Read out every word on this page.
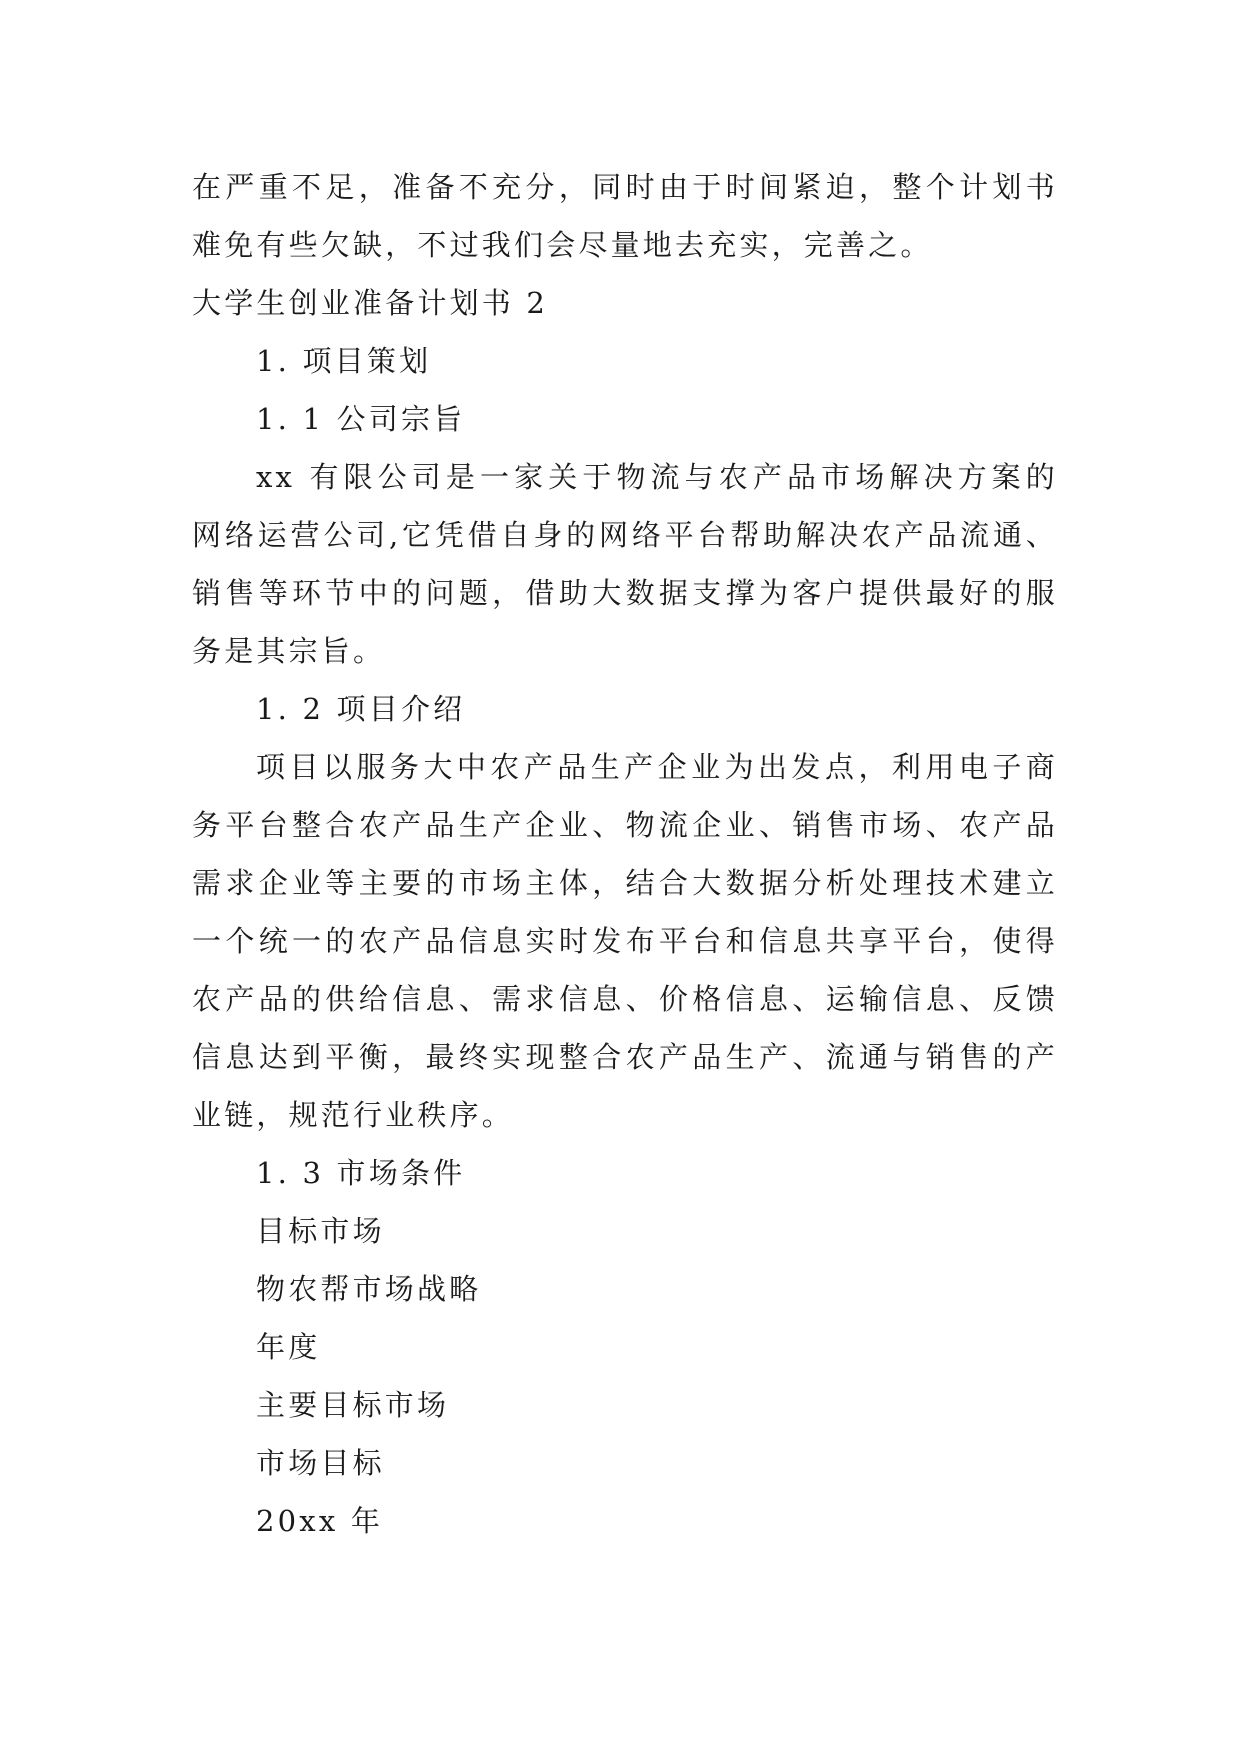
在严重不足，准备不充分，同时由于时间紧迫，整个计划书
难免有些欠缺，不过我们会尽量地去充实，完善之。
大学生创业准备计划书 2
1. 项目策划
1. 1 公司宗旨
xx 有限公司是一家关于物流与农产品市场解决方案的
网络运营公司,它凭借自身的网络平台帮助解决农产品流通、
销售等环节中的问题，借助大数据支撑为客户提供最好的服
务是其宗旨。
1. 2 项目介绍
项目以服务大中农产品生产企业为出发点，利用电子商
务平台整合农产品生产企业、物流企业、销售市场、农产品
需求企业等主要的市场主体，结合大数据分析处理技术建立
一个统一的农产品信息实时发布平台和信息共享平台，使得
农产品的供给信息、需求信息、价格信息、运输信息、反馈
信息达到平衡，最终实现整合农产品生产、流通与销售的产
业链，规范行业秩序。
1. 3 市场条件
目标市场
物农帮市场战略
年度
主要目标市场
市场目标
20xx 年
